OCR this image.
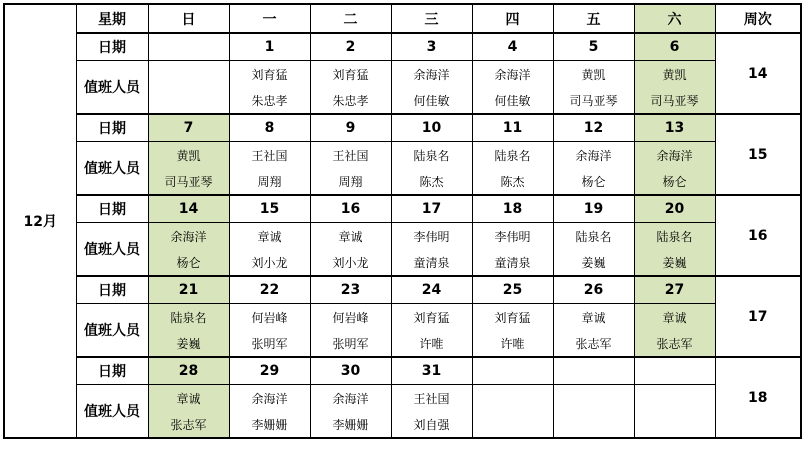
12月	星期	日	一	二	三	四	五	六	周次
	日期		1	2	3	4	5	6	14
	值班人员		刘育猛	刘育猛	余海洋	余海洋	黄凯	黄凯	
			朱忠孝	朱忠孝	何佳敏	何佳敏	司马亚琴	司马亚琴	
	日期	7	8	9	10	11	12	13	15
	值班人员	黄凯	王社国	王社国	陆泉名	陆泉名	余海洋	余海洋	
		司马亚琴	周翔	周翔	陈杰	陈杰	杨仑	杨仑	
	日期	14	15	16	17	18	19	20	16
	值班人员	余海洋	章诚	章诚	李伟明	李伟明	陆泉名	陆泉名	
		杨仑	刘小龙	刘小龙	童清泉	童清泉	姜巍	姜巍	
	日期	21	22	23	24	25	26	27	17
	值班人员	陆泉名	何岩峰	何岩峰	刘育猛	刘育猛	章诚	章诚	
		姜巍	张明军	张明军	许唯	许唯	张志军	张志军	
	日期	28	29	30	31				18
	值班人员	章诚	余海洋	余海洋	王社国				
		张志军	李姗姗	李姗姗	刘自强				
